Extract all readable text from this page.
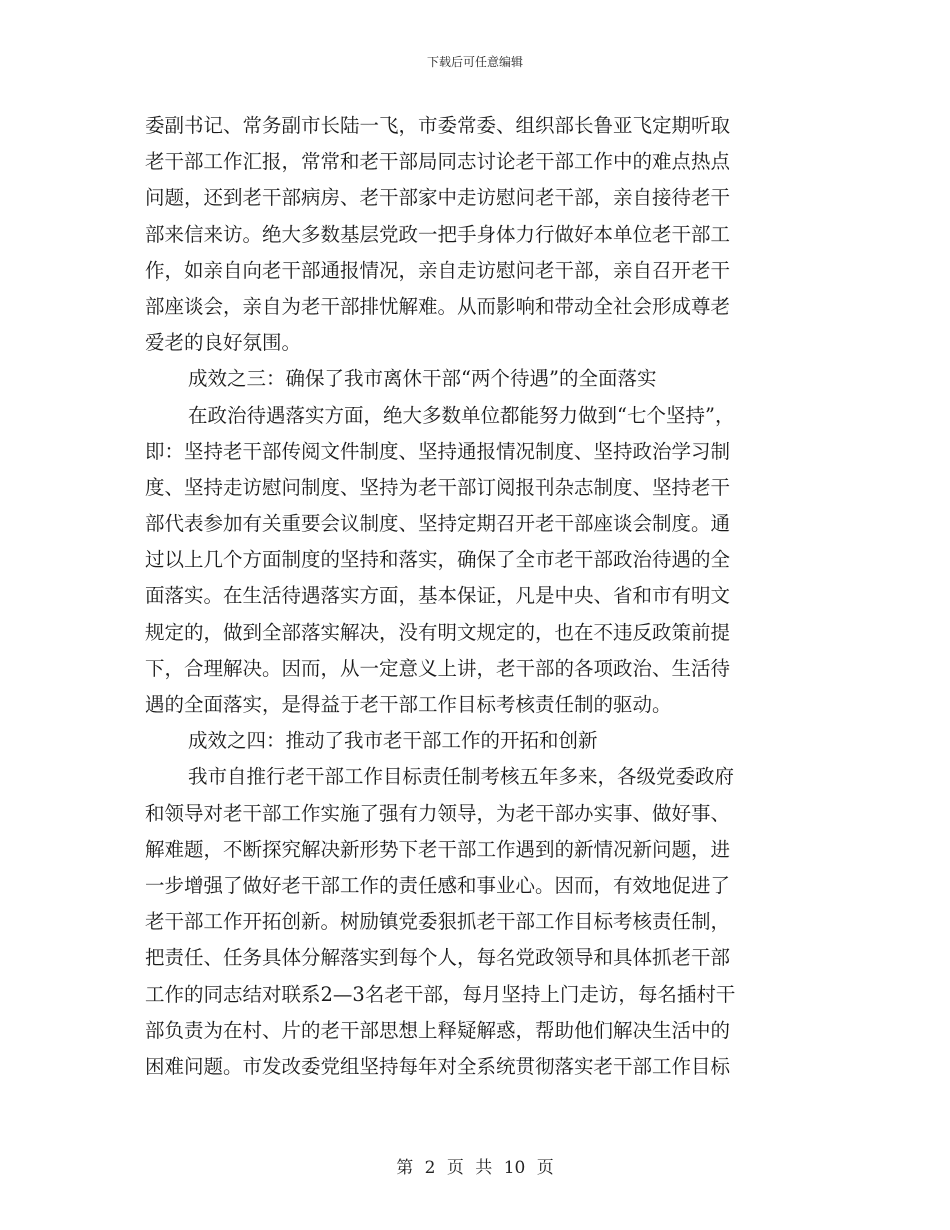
下载后可任意编辑
委副书记、常务副市长陆一飞，市委常委、组织部长鲁亚飞定期听取
老干部工作汇报，常常和老干部局同志讨论老干部工作中的难点热点
问题，还到老干部病房、老干部家中走访慰问老干部，亲自接待老干
部来信来访。绝大多数基层党政一把手身体力行做好本单位老干部工
作，如亲自向老干部通报情况，亲自走访慰问老干部，亲自召开老干
部座谈会，亲自为老干部排忧解难。从而影响和带动全社会形成尊老
爱老的良好氛围。
成效之三：确保了我市离休干部“两个待遇”的全面落实
在政治待遇落实方面，绝大多数单位都能努力做到“七个坚持”，
即：坚持老干部传阅文件制度、坚持通报情况制度、坚持政治学习制
度、坚持走访慰问制度、坚持为老干部订阅报刊杂志制度、坚持老干
部代表参加有关重要会议制度、坚持定期召开老干部座谈会制度。通
过以上几个方面制度的坚持和落实，确保了全市老干部政治待遇的全
面落实。在生活待遇落实方面，基本保证，凡是中央、省和市有明文
规定的，做到全部落实解决，没有明文规定的，也在不违反政策前提
下，合理解决。因而，从一定意义上讲，老干部的各项政治、生活待
遇的全面落实，是得益于老干部工作目标考核责任制的驱动。
成效之四：推动了我市老干部工作的开拓和创新
我市自推行老干部工作目标责任制考核五年多来，各级党委政府
和领导对老干部工作实施了强有力领导，为老干部办实事、做好事、
解难题，不断探究解决新形势下老干部工作遇到的新情况新问题，进
一步增强了做好老干部工作的责任感和事业心。因而，有效地促进了
老干部工作开拓创新。树励镇党委狠抓老干部工作目标考核责任制，
把责任、任务具体分解落实到每个人，每名党政领导和具体抓老干部
工作的同志结对联系2—3名老干部，每月坚持上门走访，每名插村干
部负责为在村、片的老干部思想上释疑解惑，帮助他们解决生活中的
困难问题。市发改委党组坚持每年对全系统贯彻落实老干部工作目标
第 2 页 共 10 页
